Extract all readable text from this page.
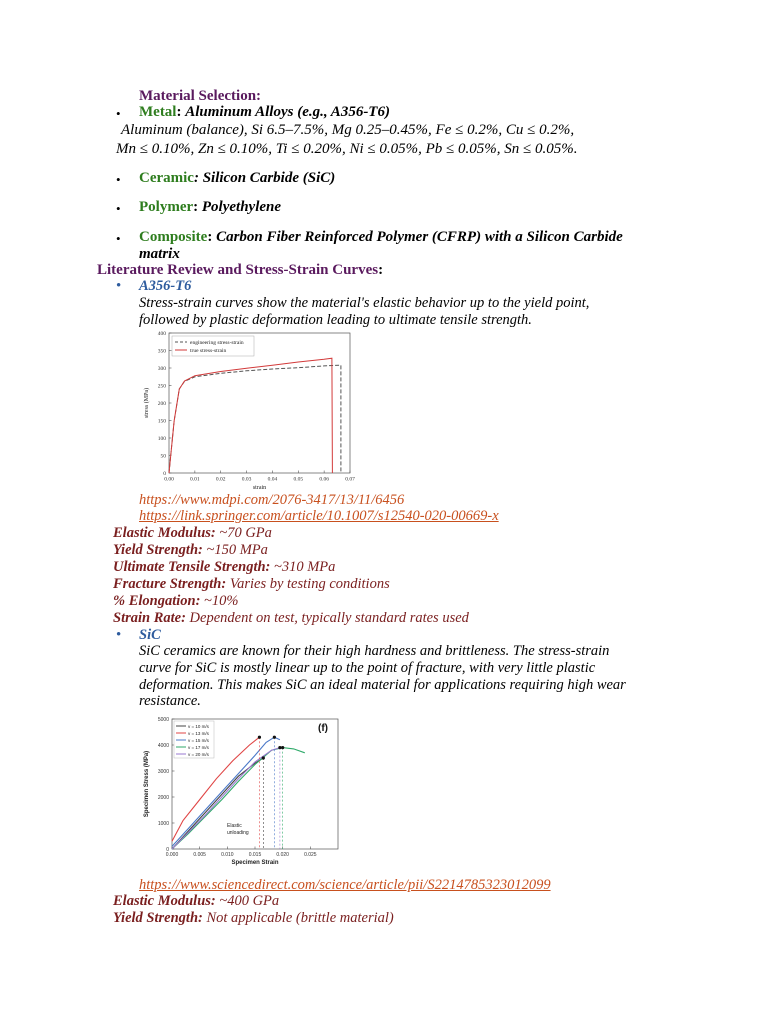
Material Selection:
• Metal: Aluminum Alloys (e.g., A356-T6)
Aluminum (balance), Si 6.5–7.5%, Mg 0.25–0.45%, Fe ≤ 0.2%, Cu ≤ 0.2%,
Mn ≤ 0.10%, Zn ≤ 0.10%, Ti ≤ 0.20%, Ni ≤ 0.05%, Pb ≤ 0.05%, Sn ≤ 0.05%.
• Ceramic: Silicon Carbide (SiC)
• Polymer: Polyethylene
• Composite: Carbon Fiber Reinforced Polymer (CFRP) with a Silicon Carbide
matrix
Literature Review and Stress-Strain Curves:
• A356-T6
Stress-strain curves show the material's elastic behavior up to the yield point,
followed by plastic deformation leading to ultimate tensile strength.
0
50
100
150
200
250
300
350
400
0.00	0.01	0.02	0.03	0.04	0.05	0.06	0.07
strain
stress (MPa)
engineering stress-strain
true stress-strain
https://www.mdpi.com/2076-3417/13/11/6456
https://link.springer.com/article/10.1007/s12540-020-00669-x
Elastic Modulus: ~70 GPa
Yield Strength: ~150 MPa
Ultimate Tensile Strength: ~310 MPa
Fracture Strength: Varies by testing conditions
% Elongation: ~10%
Strain Rate: Dependent on test, typically standard rates used
• SiC
SiC ceramics are known for their high hardness and brittleness. The stress-strain
curve for SiC is mostly linear up to the point of fracture, with very little plastic
deformation. This makes SiC an ideal material for applications requiring high wear
resistance.
0
1000
2000
3000
4000
5000
0.000	0.005	0.010	0.015	0.020	0.025
Specimen Strain
Specimen Stress (MPa)
v = 10 m/s
v = 13 m/s
v = 15 m/s
v = 17 m/s
v = 20 m/s
(f)
Elastic
unloading
https://www.sciencedirect.com/science/article/pii/S2214785323012099
Elastic Modulus: ~400 GPa
Yield Strength: Not applicable (brittle material)
